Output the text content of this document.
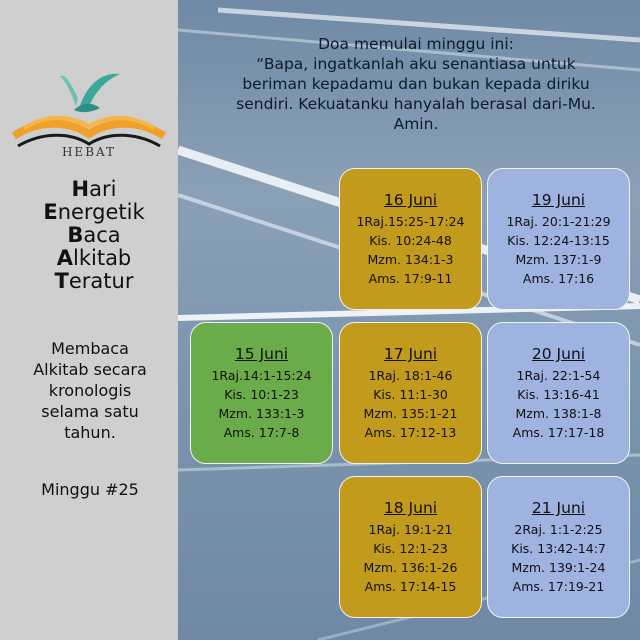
HEBAT
Hari
Energetik
Baca
Alkitab
Teratur
Membaca
Alkitab secara
kronologis
selama satu
tahun.
Minggu #25
Doa memulai minggu ini:
“Bapa, ingatkanlah aku senantiasa untuk
beriman kepadamu dan bukan kepada diriku
sendiri. Kekuatanku hanyalah berasal dari-Mu.
Amin.
15 Juni
1Raj.14:1-15:24
Kis. 10:1-23
Mzm. 133:1-3
Ams. 17:7-8
16 Juni
1Raj.15:25-17:24
Kis. 10:24-48
Mzm. 134:1-3
Ams. 17:9-11
17 Juni
1Raj. 18:1-46
Kis. 11:1-30
Mzm. 135:1-21
Ams. 17:12-13
18 Juni
1Raj. 19:1-21
Kis. 12:1-23
Mzm. 136:1-26
Ams. 17:14-15
19 Juni
1Raj. 20:1-21:29
Kis. 12:24-13:15
Mzm. 137:1-9
Ams. 17:16
20 Juni
1Raj. 22:1-54
Kis. 13:16-41
Mzm. 138:1-8
Ams. 17:17-18
21 Juni
2Raj. 1:1-2:25
Kis. 13:42-14:7
Mzm. 139:1-24
Ams. 17:19-21
